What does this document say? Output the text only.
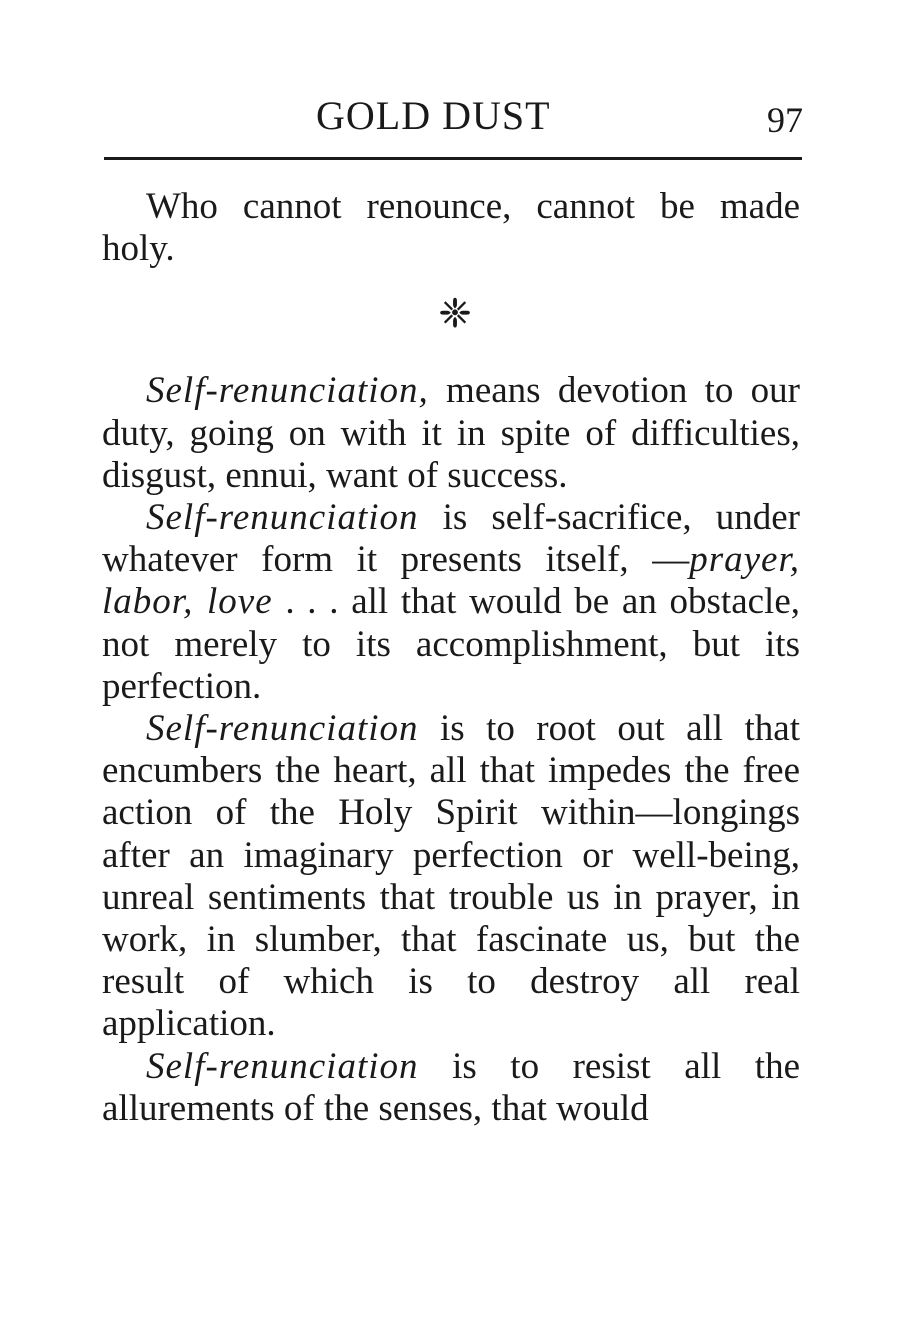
GOLD DUST	97

Who cannot renounce, cannot be made holy.

❈

Self-renunciation, means devotion to our duty, going on with it in spite of difficulties, disgust, ennui, want of success.

Self-renunciation is self-sacrifice, under whatever form it presents itself, —prayer, labor, love . . . all that would be an obstacle, not merely to its accomplishment, but its perfection.

Self-renunciation is to root out all that encumbers the heart, all that impedes the free action of the Holy Spirit within—longings after an imaginary perfection or well-being, unreal sentiments that trouble us in prayer, in work, in slumber, that fascinate us, but the result of which is to destroy all real application.

Self-renunciation is to resist all the allurements of the senses, that would
